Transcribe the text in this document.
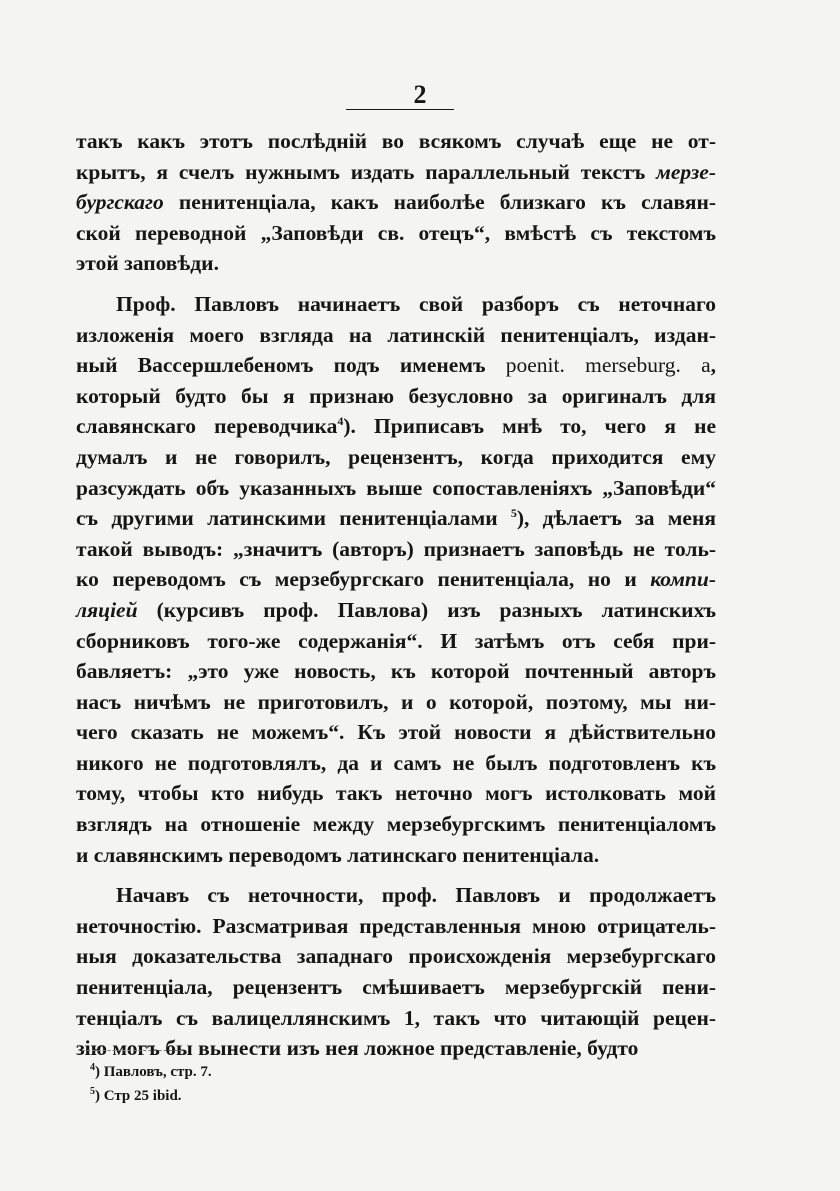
2
такъ какъ этотъ послѣдній во всякомъ случаѣ еще не от-
крытъ, я счелъ нужнымъ издать параллельный текстъ мерзе-
бургскаго пенитенціала, какъ наиболѣе близкаго къ славян-
ской переводной „Заповѣди св. отецъ“, вмѣстѣ съ текстомъ
этой заповѣди.
Проф. Павловъ начинаетъ свой разборъ съ неточнаго
изложенія моего взгляда на латинскій пенитенціалъ, издан-
ный Вассершлебеномъ подъ именемъ poenit. merseburg. a,
который будто бы я признаю безусловно за оригиналъ для
славянскаго переводчика$^4$). Приписавъ мнѣ то, чего я не
думалъ и не говорилъ, рецензентъ, когда приходится ему
разсуждать объ указанныхъ выше сопоставленіяхъ „Заповѣди“
съ другими латинскими пенитенціалами $^5$), дѣлаетъ за меня
такой выводъ: „значитъ (авторъ) признаетъ заповѣдь не толь-
ко переводомъ съ мерзебургскаго пенитенціала, но и компи-
ляціей (курсивъ проф. Павлова) изъ разныхъ латинскихъ
сборниковъ того-же содержанія“. И затѣмъ отъ себя при-
бавляетъ: „это уже новость, къ которой почтенный авторъ
насъ ничѣмъ не приготовилъ, и о которой, поэтому, мы ни-
чего сказать не можемъ“. Къ этой новости я дѣйствительно
никого не подготовлялъ, да и самъ не былъ подготовленъ къ
тому, чтобы кто нибудь такъ неточно могъ истолковать мой
взглядъ на отношеніе между мерзебургскимъ пенитенціаломъ
и славянскимъ переводомъ латинскаго пенитенціала.
Начавъ съ неточности, проф. Павловъ и продолжаетъ
неточностію. Разсматривая представленныя мною отрицатель-
ныя доказательства западнаго происхожденія мерзебургскаго
пенитенціала, рецензентъ смѣшиваетъ мерзебургскій пени-
тенціалъ съ валицеллянскимъ 1, такъ что читающій рецен-
зію могъ бы вынести изъ нея ложное представленіе, будто
$^4$) Павловъ, стр. 7.
$^5$) Стр 25 ibid.
